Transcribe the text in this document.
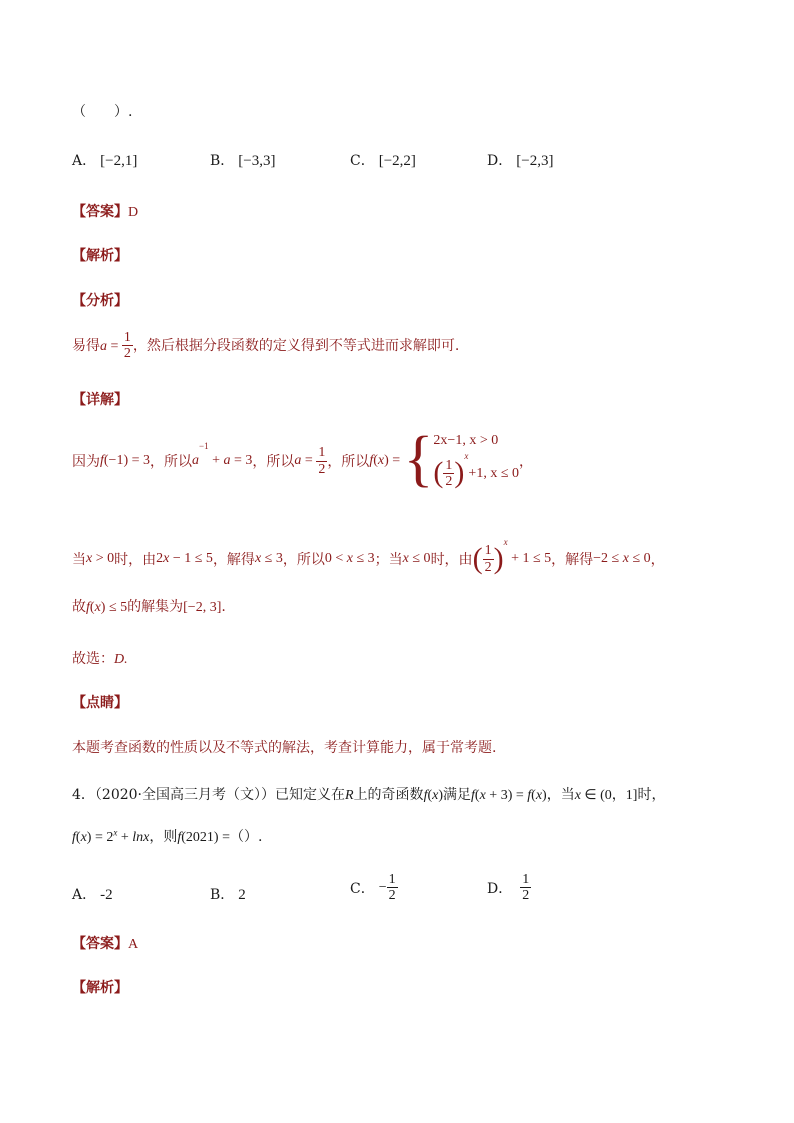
（　　）.
A． [−2,1]	B． [−3,3]	C． [−2,2]	D． [−2,3]
【答案】D
【解析】
【分析】
易得$a = \frac{1}{2}$ ，然后根据分段函数的定义得到不等式进而求解即可.
【详解】
因为f(−1) = 3，所以$a^{-1} + a = 3$，所以$a = \frac{1}{2}$ ，所以f(x) = { 2x−1, x > 0
( $\frac{1}{2} )^x+1$, x ≤ 0
，
当x > 0时，由2x − 1 ≤ 5，解得x ≤ 3，所以0 < x ≤ 3；当x ≤ 0时，由( $\frac{1}{2} )^x + 1 \le 5$，解得−2 ≤ x ≤ 0，
故f(x) ≤ 5的解集为[−2, 3].
故选：D.
【点睛】
本题考查函数的性质以及不等式的解法，考查计算能力，属于常考题.
4．（2020·全国高三月考（文））已知定义在R上的奇函数f(x)满足f(x + 3) = f(x)，当x ∈ (0，1]时，
$f(x) = 2^x + \ln x$，则f(2021) =（）.
A． -2	B． 2	C． − $\frac{1}{2}$	D． $\frac{1}{2}$
【答案】A
【解析】
